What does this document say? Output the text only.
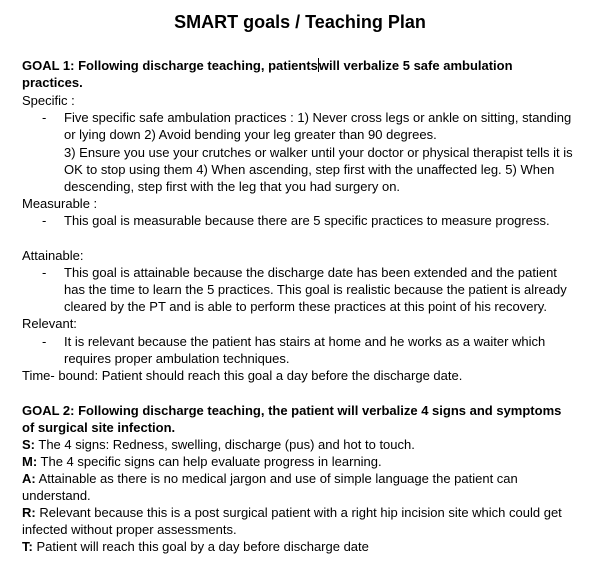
SMART goals / Teaching Plan
GOAL 1: Following discharge teaching, patientswill verbalize 5 safe ambulation
practices.
Specific :
- Five specific safe ambulation practices : 1) Never cross legs or ankle on sitting, standing
or lying down 2) Avoid bending your leg greater than 90 degrees.
3) Ensure you use your crutches or walker until your doctor or physical therapist tells it is
OK to stop using them 4) When ascending, step first with the unaffected leg. 5) When
descending, step first with the leg that you had surgery on.
Measurable :
- This goal is measurable because there are 5 specific practices to measure progress.
Attainable:
- This goal is attainable because the discharge date has been extended and the patient
has the time to learn the 5 practices. This goal is realistic because the patient is already
cleared by the PT and is able to perform these practices at this point of his recovery.
Relevant:
- It is relevant because the patient has stairs at home and he works as a waiter which
requires proper ambulation techniques.
Time- bound: Patient should reach this goal a day before the discharge date.
GOAL 2: Following discharge teaching, the patient will verbalize 4 signs and symptoms
of surgical site infection.
S: The 4 signs: Redness, swelling, discharge (pus) and hot to touch.
M: The 4 specific signs can help evaluate progress in learning.
A: Attainable as there is no medical jargon and use of simple language the patient can
understand.
R: Relevant because this is a post surgical patient with a right hip incision site which could get
infected without proper assessments.
T: Patient will reach this goal by a day before discharge date
